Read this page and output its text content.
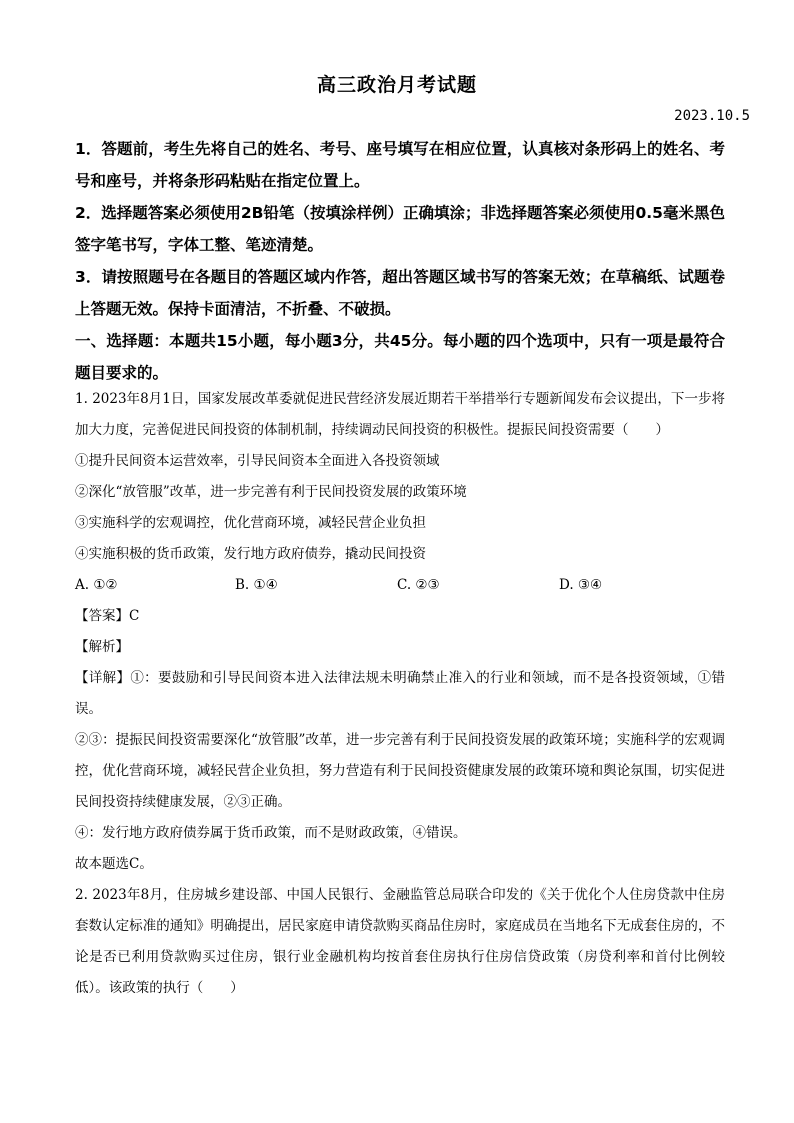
高三政治月考试题
2023.10.5
1．答题前，考生先将自己的姓名、考号、座号填写在相应位置，认真核对条形码上的姓名、考号和座号，并将条形码粘贴在指定位置上。
2．选择题答案必须使用2B铅笔（按填涂样例）正确填涂；非选择题答案必须使用0.5毫米黑色签字笔书写，字体工整、笔迹清楚。
3．请按照题号在各题目的答题区域内作答，超出答题区域书写的答案无效；在草稿纸、试题卷上答题无效。保持卡面清洁，不折叠、不破损。
一、选择题：本题共15小题，每小题3分，共45分。每小题的四个选项中，只有一项是最符合题目要求的。
1. 2023年8月1日，国家发展改革委就促进民营经济发展近期若干举措举行专题新闻发布会议提出，下一步将加大力度，完善促进民间投资的体制机制，持续调动民间投资的积极性。提振民间投资需要（　　）
①提升民间资本运营效率，引导民间资本全面进入各投资领域
②深化“放管服”改革，进一步完善有利于民间投资发展的政策环境
③实施科学的宏观调控，优化营商环境，减轻民营企业负担
④实施积极的货币政策，发行地方政府债券，撬动民间投资
A. ①②	B. ①④	C. ②③	D. ③④
【答案】C
【解析】
【详解】①：要鼓励和引导民间资本进入法律法规未明确禁止准入的行业和领域，而不是各投资领域，①错误。
②③：提振民间投资需要深化“放管服”改革，进一步完善有利于民间投资发展的政策环境；实施科学的宏观调控，优化营商环境，减轻民营企业负担，努力营造有利于民间投资健康发展的政策环境和舆论氛围，切实促进民间投资持续健康发展，②③正确。
④：发行地方政府债券属于货币政策，而不是财政政策，④错误。
故本题选C。
2. 2023年8月，住房城乡建设部、中国人民银行、金融监管总局联合印发的《关于优化个人住房贷款中住房套数认定标准的通知》明确提出，居民家庭申请贷款购买商品住房时，家庭成员在当地名下无成套住房的，不论是否已利用贷款购买过住房，银行业金融机构均按首套住房执行住房信贷政策（房贷利率和首付比例较低）。该政策的执行（　　）
